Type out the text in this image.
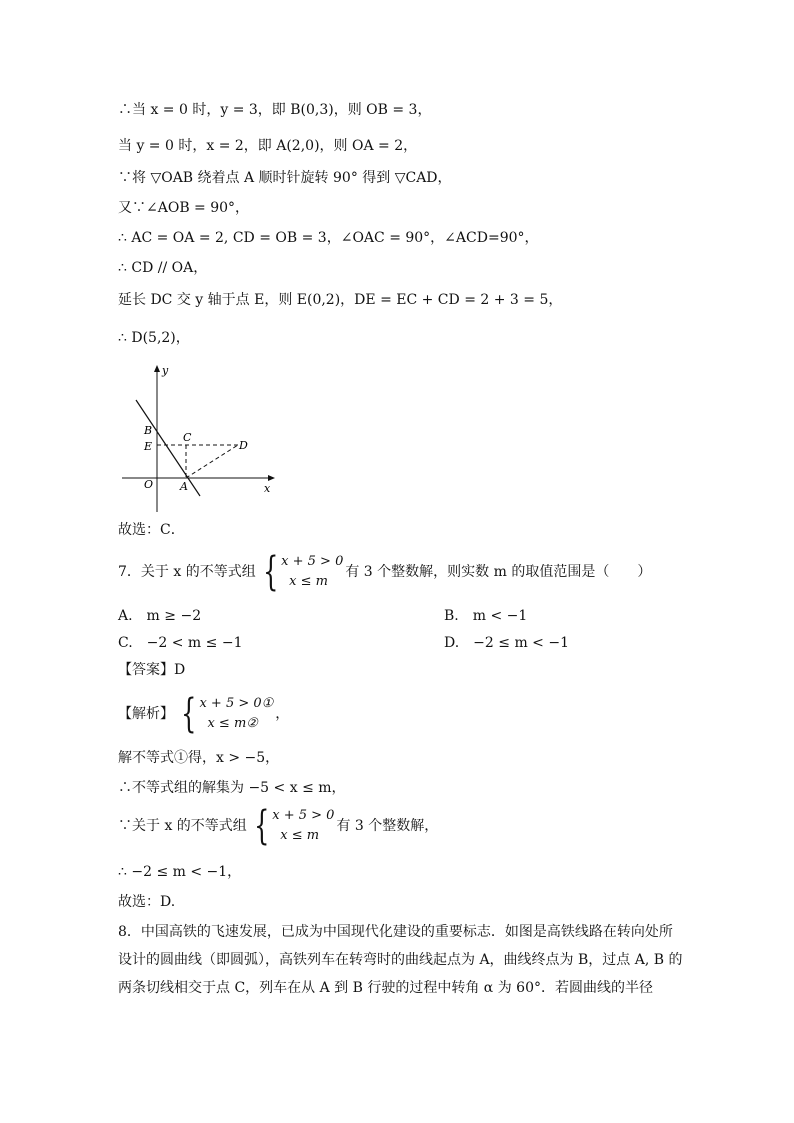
∴当 x = 0 时，y = 3，即 B(0,3)，则 OB = 3，
当 y = 0 时，x = 2，即 A(2,0)，则 OA = 2，
∵将 ▽OAB 绕着点 A 顺时针旋转 90° 得到 ▽CAD，
又∵∠AOB = 90°，
∴ AC = OA = 2, CD = OB = 3，∠OAC = 90°，∠ACD=90°，
∴ CD // OA，
延长 DC 交 y 轴于点 E，则 E(0,2)，DE = EC + CD = 2 + 3 = 5，
∴ D(5,2)，
y
B
E
C
D
O A	x
故选：C．
7．关于 x 的不等式组 { x + 5 > 0
x ≤ m
有 3 个整数解，则实数 m 的取值范围是（　　）
A.　m ≥ −2	B.　m < −1
C.　−2 < m ≤ −1	D.　−2 ≤ m < −1
【答案】D
【解析】 { x + 5 > 0①
x ≤ m②
，
解不等式①得，x > −5，
∴不等式组的解集为 −5 < x ≤ m，
∵关于 x 的不等式组 { x + 5 > 0
x ≤ m
有 3 个整数解，
∴ −2 ≤ m < −1，
故选：D.
8．中国高铁的飞速发展，已成为中国现代化建设的重要标志．如图是高铁线路在转向处所
设计的圆曲线（即圆弧），高铁列车在转弯时的曲线起点为 A，曲线终点为 B，过点 A, B 的
两条切线相交于点 C，列车在从 A 到 B 行驶的过程中转角 α 为 60°．若圆曲线的半径
